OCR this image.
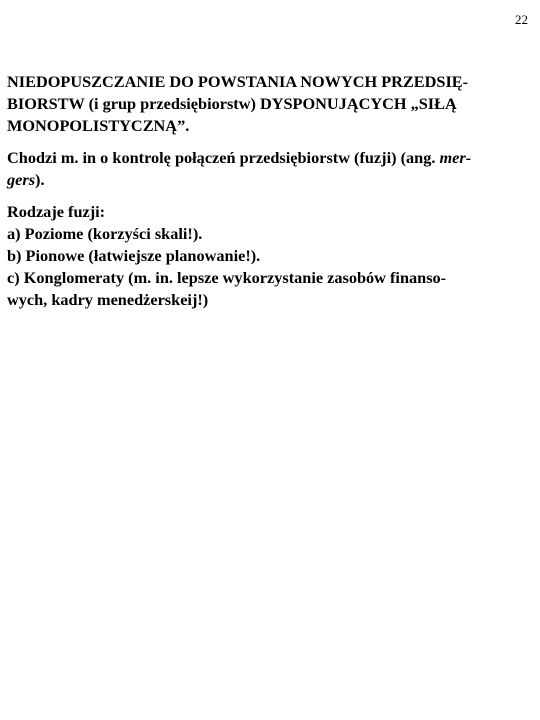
22
NIEDOPUSZCZANIE DO POWSTANIA NOWYCH PRZEDSIĘ-
BIORSTW (i grup przedsiębiorstw) DYSPONUJĄCYCH „SIŁĄ
MONOPOLISTYCZNĄ”.
Chodzi m. in o kontrolę połączeń przedsiębiorstw (fuzji) (ang. mer-
gers).
Rodzaje fuzji:
a) Poziome (korzyści skali!).
b) Pionowe (łatwiejsze planowanie!).
c) Konglomeraty (m. in. lepsze wykorzystanie zasobów finanso-
wych, kadry menedżerskeij!)
